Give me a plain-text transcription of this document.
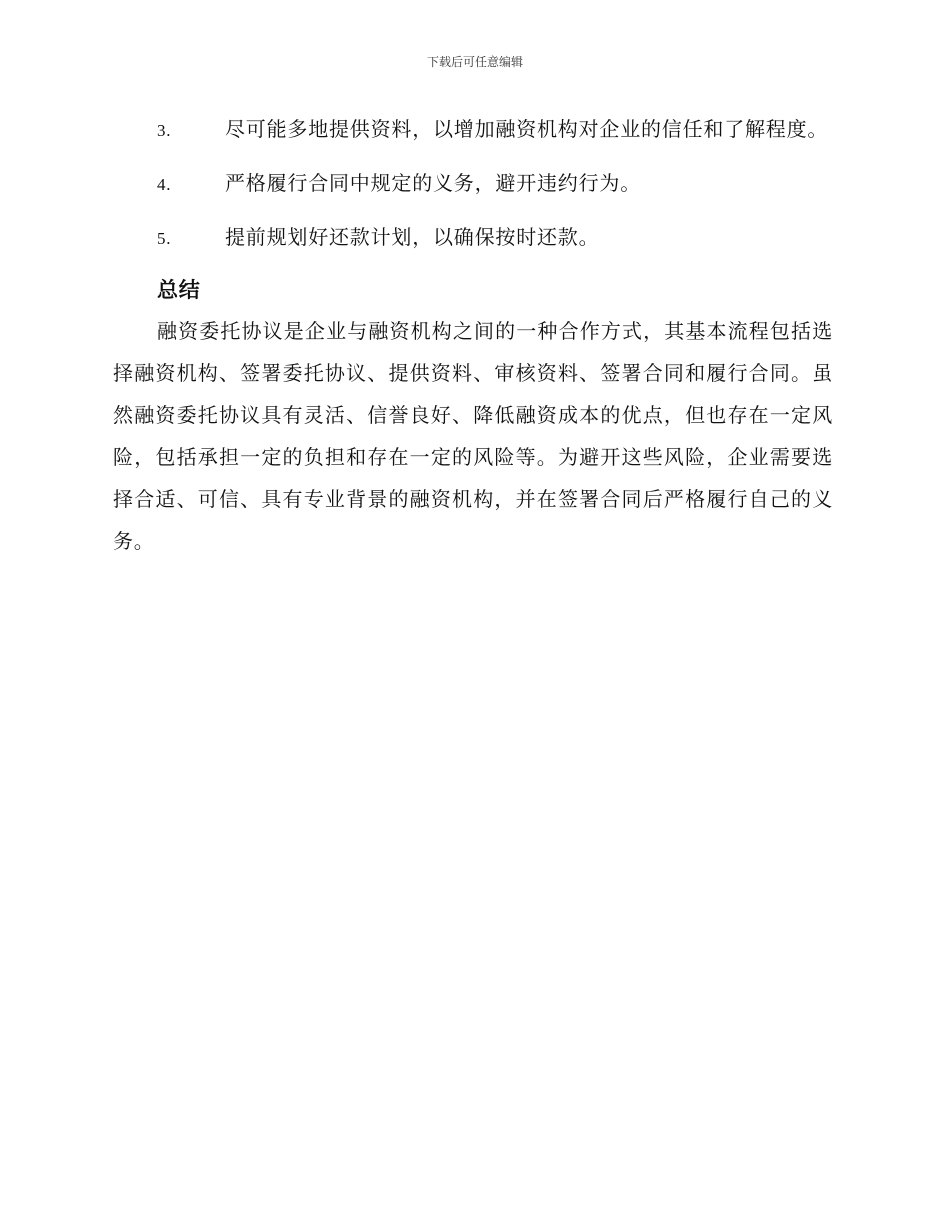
下载后可任意编辑

3.	尽可能多地提供资料，以增加融资机构对企业的信任和了解程度。

4.	严格履行合同中规定的义务，避开违约行为。

5.	提前规划好还款计划，以确保按时还款。

总结

融资委托协议是企业与融资机构之间的一种合作方式，其基本流程包括选择融资机构、签署委托协议、提供资料、审核资料、签署合同和履行合同。虽然融资委托协议具有灵活、信誉良好、降低融资成本的优点，但也存在一定风险，包括承担一定的负担和存在一定的风险等。为避开这些风险，企业需要选择合适、可信、具有专业背景的融资机构，并在签署合同后严格履行自己的义务。
